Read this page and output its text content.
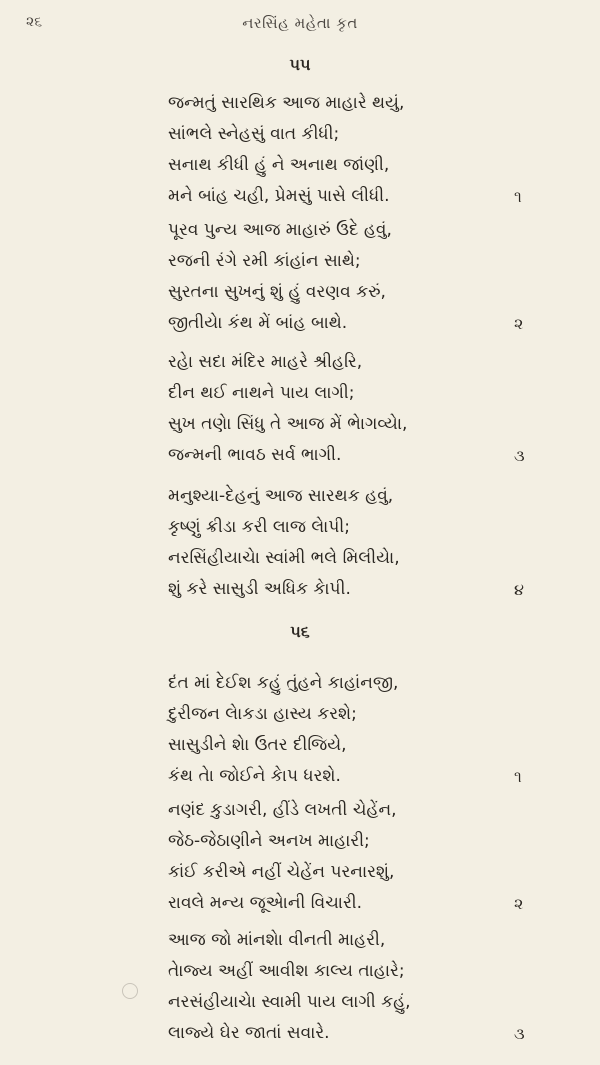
૨૬	નરસિંહ મહેતા કૃત
૫૫
જન્મતું સારથિક આજ માહારે થયું,
સાંભલે સ્નેહસું વાત કીધી;
સનાથ કીધી હું ને અનાથ જાંણી,
મને બાંહ ચહી, પ્રેમસું પાસે લીધી.	૧
પૂરવ પુન્ય આજ માહારું ઉદે હવું,
રજની રંગે રમી કાંહાંન સાથે;
સુરતના સુખનું શું હું વરણવ કરું,
જીતીયેા કંથ મેં બાંહ બાથે.	૨
રહેા સદા મંદિર માહરે શ્રીહરિ,
દીન થઈ નાથને પાય લાગી;
સુખ તણેા સિંધુ તે આજ મેં ભેાગવ્યેા,
જન્મની ભાવઠ સર્વ ભાગી.	૩
મનુશ્યા-દેહનું આજ સારથક હવું,
કૃષ્ણું ક્રીડા કરી લાજ લેાપી;
નરસિંહીયાચેા સ્વાંમી ભલે મિલીયેા,
શું કરે સાસુડી અધિક કેાપી.	૪
૫૬
દંત માં દેઈશ કહું તુંહને કાહાંનજી,
દુરીજન લેાકડા હાસ્ય કરશે;
સાસુડીને શેા ઉતર દીજિયે,
કંથ તેા જોઈને કેાપ ધરશે.	૧
નણંદ કુડાગરી, હીંડે લખતી ચેહેંન,
જેઠ-જેઠાણીને અનખ માહારી;
કાંઈ કરીએ નહીં ચેહેંન પરનારશું,
રાવલે મન્ય જૂએાની વિચારી.	૨
આજ જો માંનશેા વીનતી માહરી,
તેાજ્ય અહીં આવીશ કાલ્ય તાહારે;
નરસંહીયાચેા સ્વામી પાય લાગી કહું,
લાજ્યે ઘેર જાતાં સવારે.	૩
